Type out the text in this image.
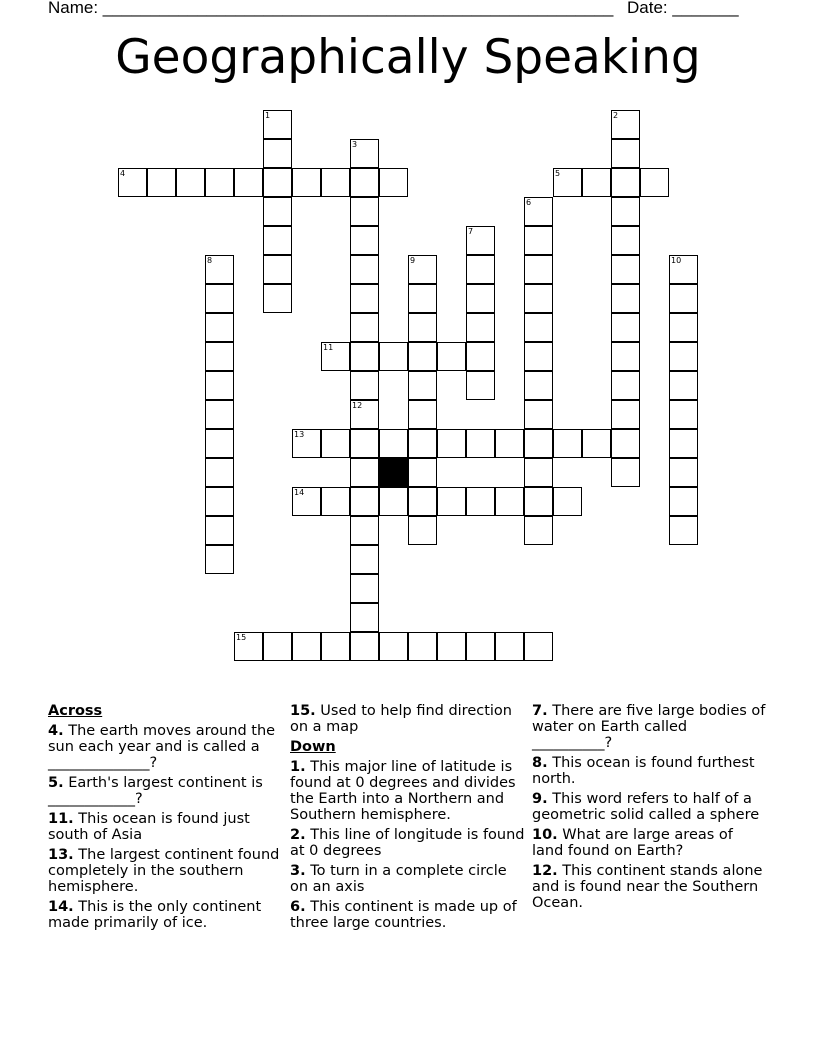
Name: ______________________________________________________ Date: _______
Geographically Speaking
1	2
3
4	5
6
7
8	9	10
11
12
13
14
15
Across
4. The earth moves around the sun each year and is called a ______________?
5. Earth's largest continent is ____________?
11. This ocean is found just south of Asia
13. The largest continent found completely in the southern hemisphere.
14. This is the only continent made primarily of ice.
15. Used to help find direction on a map
Down
1. This major line of latitude is found at 0 degrees and divides the Earth into a Northern and Southern hemisphere.
2. This line of longitude is found at 0 degrees
3. To turn in a complete circle on an axis
6. This continent is made up of three large countries.
7. There are five large bodies of water on Earth called __________?
8. This ocean is found furthest north.
9. This word refers to half of a geometric solid called a sphere
10. What are large areas of land found on Earth?
12. This continent stands alone and is found near the Southern Ocean.
